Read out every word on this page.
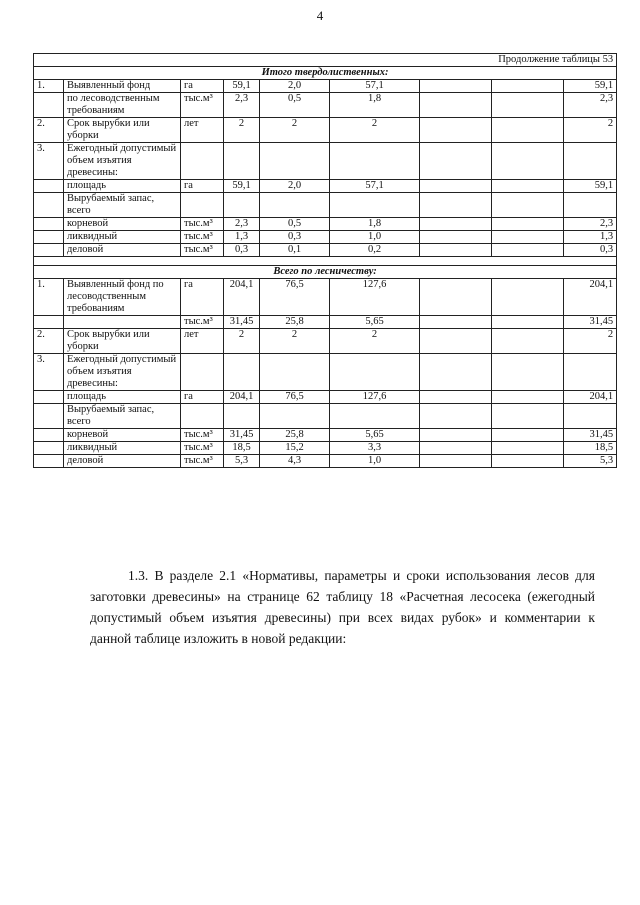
4
Продолжение таблицы 53								
Итого твердолиственных:								
1.	Выявленный фонд	га	59,1	2,0	57,1			59,1
	по лесоводственным требованиям	тыс.м³	2,3	0,5	1,8			2,3
2.	Срок вырубки или уборки	лет	2	2	2			2
3.	Ежегодный допустимый объем изъятия древесины:							
	площадь	га	59,1	2,0	57,1			59,1
	Вырубаемый запас, всего							
	корневой	тыс.м³	2,3	0,5	1,8			2,3
	ликвидный	тыс.м³	1,3	0,3	1,0			1,3
	деловой	тыс.м³	0,3	0,1	0,2			0,3

Всего по лесничеству:								
1.	Выявленный фонд по лесоводственным требованиям	га	204,1	76,5	127,6			204,1
		тыс.м³	31,45	25,8	5,65			31,45
2.	Срок вырубки или уборки	лет	2	2	2			2
3.	Ежегодный допустимый объем изъятия древесины:							
	площадь	га	204,1	76,5	127,6			204,1
	Вырубаемый запас, всего							
	корневой	тыс.м³	31,45	25,8	5,65			31,45
	ликвидный	тыс.м³	18,5	15,2	3,3			18,5
	деловой	тыс.м³	5,3	4,3	1,0			5,3

1.3. В разделе 2.1 «Нормативы, параметры и сроки использования лесов для заготовки древесины» на странице 62 таблицу 18 «Расчетная лесосека (ежегодный допустимый объем изъятия древесины) при всех видах рубок» и комментарии к данной таблице изложить в новой редакции:
